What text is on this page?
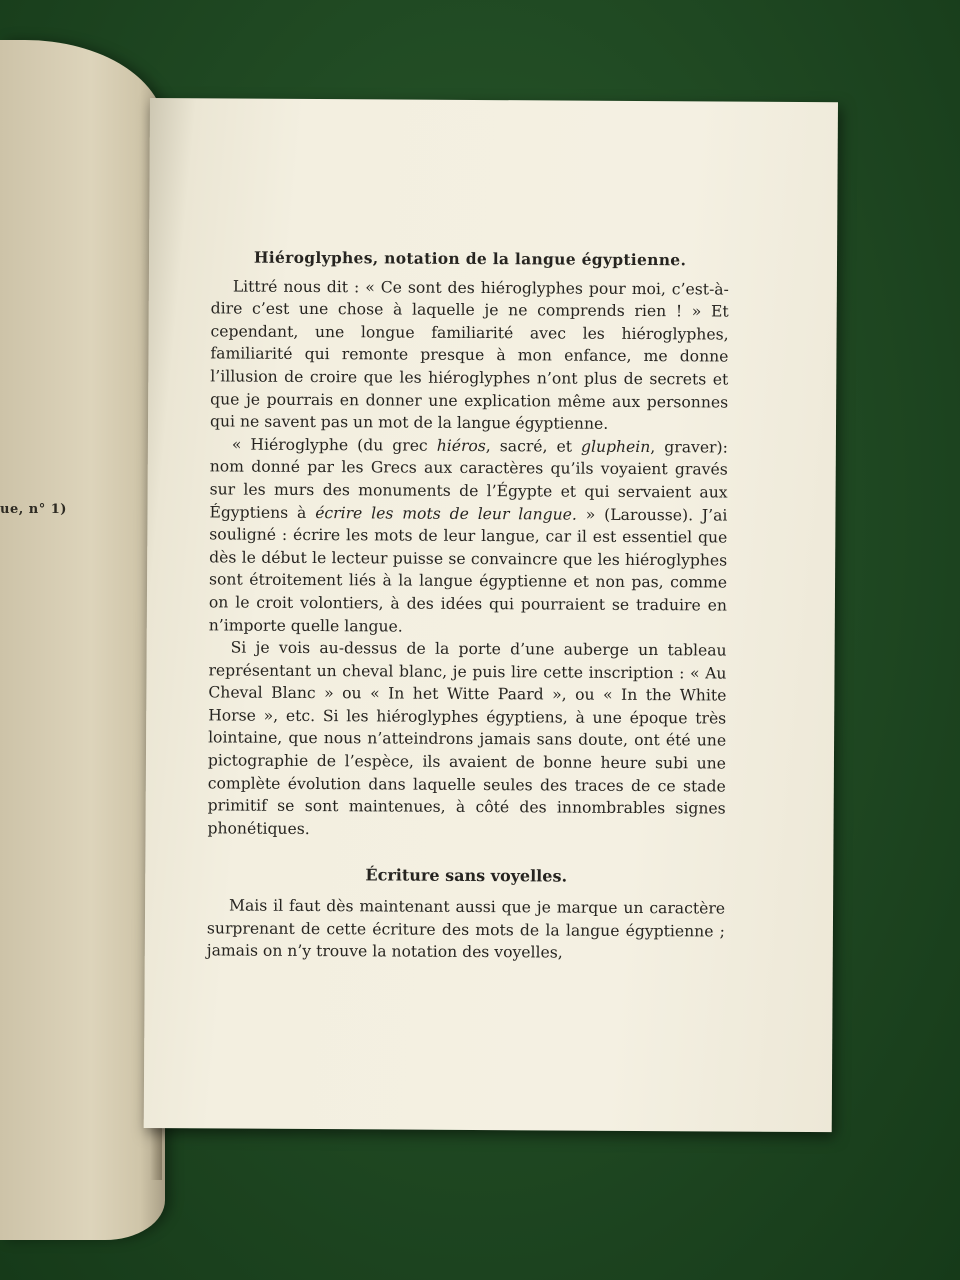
ue, n° 1)
Hiéroglyphes, notation de la langue égyptienne.

Littré nous dit : « Ce sont des hiéroglyphes pour moi, c’est-à-dire c’est une chose à laquelle je ne comprends rien ! » Et cependant, une longue familiarité avec les hiéroglyphes, familiarité qui remonte presque à mon enfance, me donne l’illusion de croire que les hiéroglyphes n’ont plus de secrets et que je pourrais en donner une explication même aux personnes qui ne savent pas un mot de la langue égyptienne.

« Hiéroglyphe (du grec hiéros, sacré, et gluphein, graver): nom donné par les Grecs aux caractères qu’ils voyaient gravés sur les murs des monuments de l’Égypte et qui servaient aux Égyptiens à écrire les mots de leur langue. » (Larousse). J’ai souligné : écrire les mots de leur langue, car il est essentiel que dès le début le lecteur puisse se convaincre que les hiéroglyphes sont étroitement liés à la langue égyptienne et non pas, comme on le croit volontiers, à des idées qui pourraient se traduire en n’importe quelle langue.

Si je vois au-dessus de la porte d’une auberge un tableau représentant un cheval blanc, je puis lire cette inscription : « Au Cheval Blanc » ou « In het Witte Paard », ou « In the White Horse », etc. Si les hiéroglyphes égyptiens, à une époque très lointaine, que nous n’atteindrons jamais sans doute, ont été une pictographie de l’espèce, ils avaient de bonne heure subi une complète évolution dans laquelle seules des traces de ce stade primitif se sont maintenues, à côté des innombrables signes phonétiques.

Écriture sans voyelles.

Mais il faut dès maintenant aussi que je marque un caractère surprenant de cette écriture des mots de la langue égyptienne ; jamais on n’y trouve la notation des voyelles,
